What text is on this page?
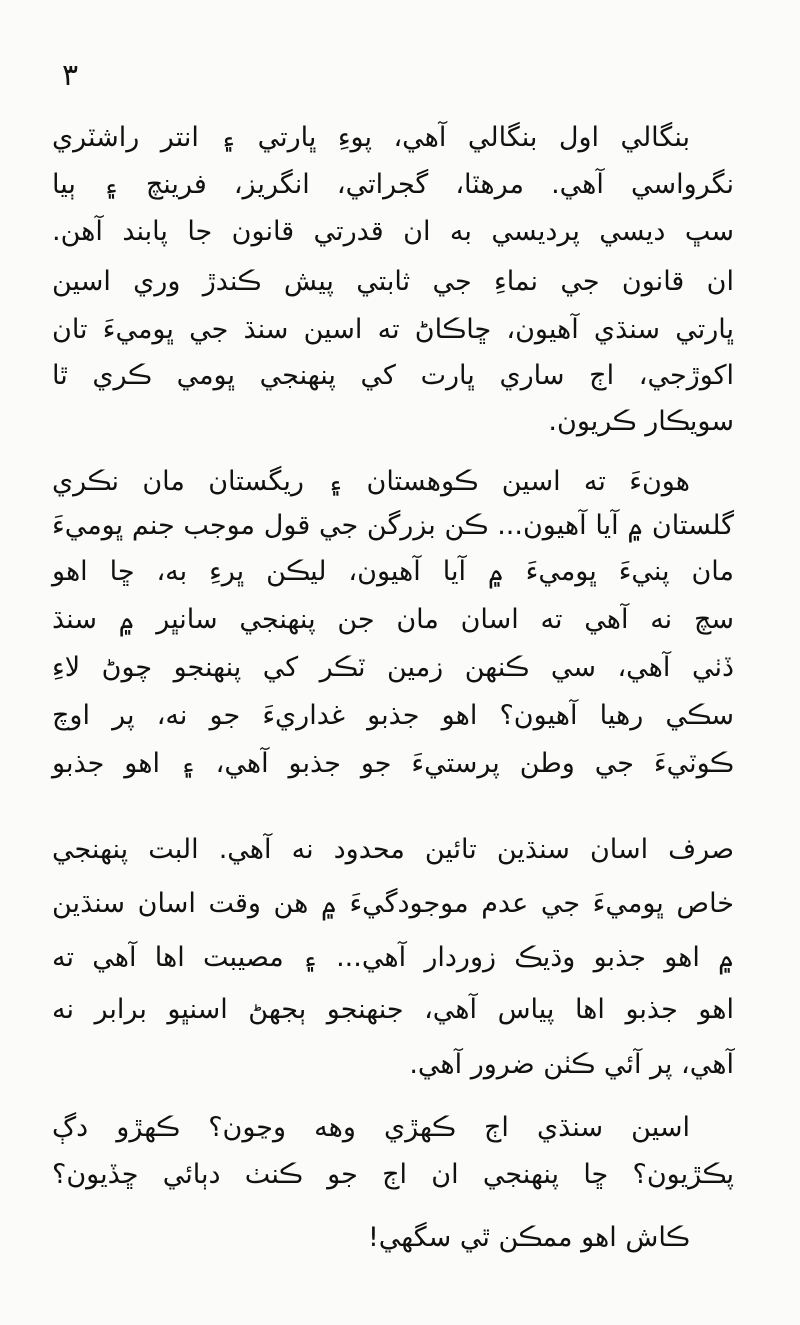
٣
بنگالي اول بنگالي آهي، پوءِ ڀارتي ۽ انتر راشٽري
نگرواسي آهي. مرهٽا، گجراتي، انگريز، فرينچ ۽ ٻيا
سڀ ديسي پرديسي به ان قدرتي قانون جا پابند آهن.
ان قانون جي نماءِ جي ثابتي پيش ڪندڙ وري اسين
ڀارتي سنڌي آهيون، ڇاڪاڻ ته اسين سنڌ جي ڀوميءَ تان
اکوڙجي، اڄ ساري ڀارت کي پنهنجي ڀومي ڪري ٿا
سويڪار ڪريون.
هونءَ ته اسين ڪوهستان ۽ ريگستان مان نڪري
گلستان ۾ آيا آهيون... ڪن بزرگن جي قول موجب جنم ڀوميءَ
مان پنيءَ ڀوميءَ ۾ آيا آهيون، ليڪن ڀرءِ به، ڇا اهو
سچ نه آهي ته اسان مان جن پنهنجي سانڀر ۾ سنڌ
ڏٺي آهي، سي ڪنهن زمين ٽڪر کي پنهنجو چوڻ لاءِ
سڪي رهيا آهيون؟ اهو جذبو غداريءَ جو نه، پر اوچ
ڪوٽيءَ جي وطن پرستيءَ جو جذبو آهي، ۽ اهو جذبو
صرف اسان سنڌين تائين محدود نه آهي. البت پنهنجي
خاص ڀوميءَ جي عدم موجودگيءَ ۾ هن وقت اسان سنڌين
۾ اهو جذبو وڌيڪ زوردار آهي... ۽ مصيبت اها آهي ته
اهو جذبو اها پياس آهي، جنهنجو ٻجهڻ اسنڀو برابر نه
آهي، پر آئي ڪٺن ضرور آهي.
اسين سنڌي اڄ ڪهڙي وهه وڃون؟ ڪهڙو دڳ
پڪڙيون؟ ڇا پنهنجي ان اڄ جو ڪنٺ دٻائي ڇڏيون؟
ڪاش اهو ممڪن ٿي سگهي!
